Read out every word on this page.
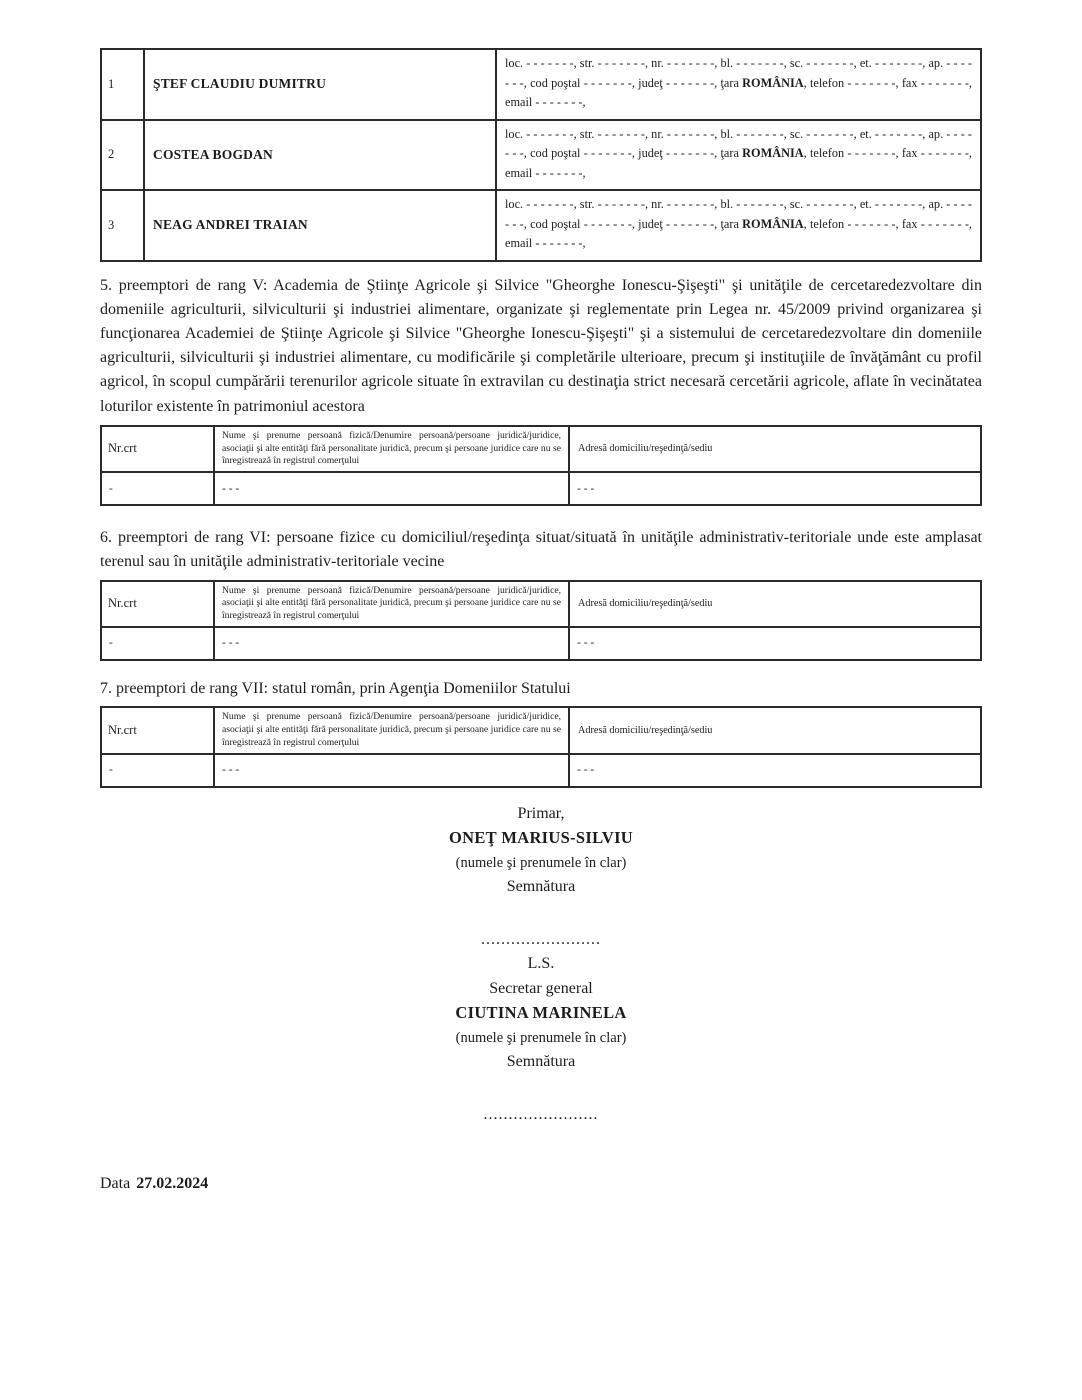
1	ŞTEF CLAUDIU DUMITRU	loc. - - - - - - -, str. - - - - - - -, nr. - - - - - - -, bl. - - - - - - -, sc. - - - - - - -, et. - - - - - - -, ap. - - - - - - -, cod poştal - - - - - - -, judeţ - - - - - - -, ţara ROMÂNIA, telefon - - - - - - -, fax - - - - - - -, email - - - - - - -,
2	COSTEA BOGDAN	loc. - - - - - - -, str. - - - - - - -, nr. - - - - - - -, bl. - - - - - - -, sc. - - - - - - -, et. - - - - - - -, ap. - - - - - - -, cod poştal - - - - - - -, judeţ - - - - - - -, ţara ROMÂNIA, telefon - - - - - - -, fax - - - - - - -, email - - - - - - -,
3	NEAG ANDREI TRAIAN	loc. - - - - - - -, str. - - - - - - -, nr. - - - - - - -, bl. - - - - - - -, sc. - - - - - - -, et. - - - - - - -, ap. - - - - - - -, cod poştal - - - - - - -, judeţ - - - - - - -, ţara ROMÂNIA, telefon - - - - - - -, fax - - - - - - -, email - - - - - - -,

5. preemptori de rang V: Academia de Ştiinţe Agricole şi Silvice "Gheorghe Ionescu-Şişeşti" şi unităţile de cercetaredezvoltare din domeniile agriculturii, silviculturii şi industriei alimentare, organizate şi reglementate prin Legea nr. 45/2009 privind organizarea şi funcţionarea Academiei de Ştiinţe Agricole şi Silvice "Gheorghe Ionescu-Şişeşti" şi a sistemului de cercetaredezvoltare din domeniile agriculturii, silviculturii şi industriei alimentare, cu modificările şi completările ulterioare, precum şi instituţiile de învăţământ cu profil agricol, în scopul cumpărării terenurilor agricole situate în extravilan cu destinaţia strict necesară cercetării agricole, aflate în vecinătatea loturilor existente în patrimoniul acestora

Nr.crt	Nume şi prenume persoană fizică/Denumire persoană/persoane juridică/juridice, asociaţii şi alte entităţi fără personalitate juridică, precum şi persoane juridice care nu se înregistrează în registrul comerţului	Adresă domiciliu/reşedinţă/sediu
-	- - -	- - -

6. preemptori de rang VI: persoane fizice cu domiciliul/reşedinţa situat/situată în unităţile administrativ-teritoriale unde este amplasat terenul sau în unităţile administrativ-teritoriale vecine

Nr.crt	Nume şi prenume persoană fizică/Denumire persoană/persoane juridică/juridice, asociaţii şi alte entităţi fără personalitate juridică, precum şi persoane juridice care nu se înregistrează în registrul comerţului	Adresă domiciliu/reşedinţă/sediu
-	- - -	- - -

7. preemptori de rang VII: statul român, prin Agenţia Domeniilor Statului

Nr.crt	Nume şi prenume persoană fizică/Denumire persoană/persoane juridică/juridice, asociaţii şi alte entităţi fără personalitate juridică, precum şi persoane juridice care nu se înregistrează în registrul comerţului	Adresă domiciliu/reşedinţă/sediu
-	- - -	- - -
Primar,
ONEŢ MARIUS-SILVIU
(numele şi prenumele în clar)
Semnătura
........................
L.S.
Secretar general
CIUTINA MARINELA
(numele şi prenumele în clar)
Semnătura
.......................
Data 27.02.2024
